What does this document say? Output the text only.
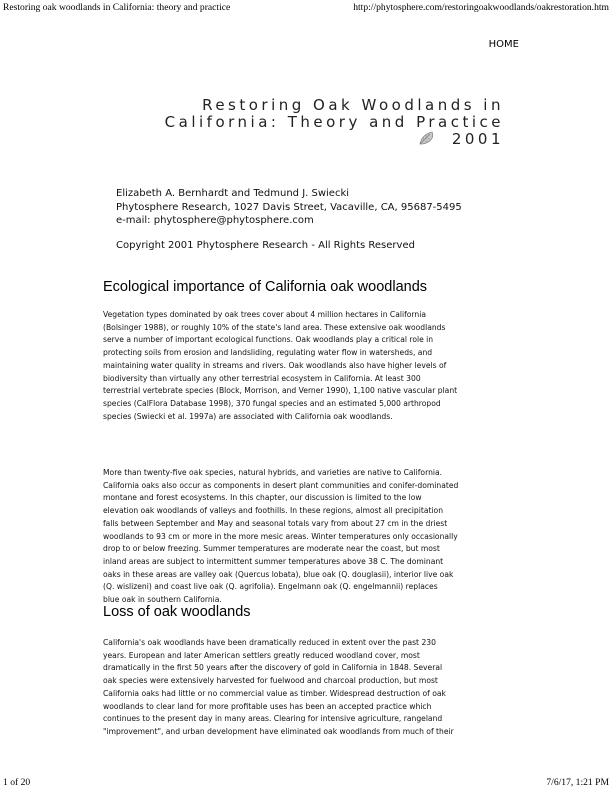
Restoring oak woodlands in California: theory and practice	http://phytosphere.com/restoringoakwoodlands/oakrestoration.htm
HOME
Restoring Oak Woodlands in
California: Theory and Practice
2001
Elizabeth A. Bernhardt and Tedmund J. Swiecki
Phytosphere Research, 1027 Davis Street, Vacaville, CA, 95687-5495
e-mail: phytosphere@phytosphere.com
Copyright 2001 Phytosphere Research - All Rights Reserved
Ecological importance of California oak woodlands

Vegetation types dominated by oak trees cover about 4 million hectares in California
(Bolsinger 1988), or roughly 10% of the state's land area. These extensive oak woodlands
serve a number of important ecological functions. Oak woodlands play a critical role in
protecting soils from erosion and landsliding, regulating water flow in watersheds, and
maintaining water quality in streams and rivers. Oak woodlands also have higher levels of
biodiversity than virtually any other terrestrial ecosystem in California. At least 300
terrestrial vertebrate species (Block, Morrison, and Verner 1990), 1,100 native vascular plant
species (CalFlora Database 1998), 370 fungal species and an estimated 5,000 arthropod
species (Swiecki et al. 1997a) are associated with California oak woodlands.

More than twenty-five oak species, natural hybrids, and varieties are native to California.
California oaks also occur as components in desert plant communities and conifer-dominated
montane and forest ecosystems. In this chapter, our discussion is limited to the low
elevation oak woodlands of valleys and foothills. In these regions, almost all precipitation
falls between September and May and seasonal totals vary from about 27 cm in the driest
woodlands to 93 cm or more in the more mesic areas. Winter temperatures only occasionally
drop to or below freezing. Summer temperatures are moderate near the coast, but most
inland areas are subject to intermittent summer temperatures above 38 C. The dominant
oaks in these areas are valley oak (Quercus lobata), blue oak (Q. douglasii), interior live oak
(Q. wislizeni) and coast live oak (Q. agrifolia). Engelmann oak (Q. engelmannii) replaces
blue oak in southern California.

Loss of oak woodlands

California's oak woodlands have been dramatically reduced in extent over the past 230
years. European and later American settlers greatly reduced woodland cover, most
dramatically in the first 50 years after the discovery of gold in California in 1848. Several
oak species were extensively harvested for fuelwood and charcoal production, but most
California oaks had little or no commercial value as timber. Widespread destruction of oak
woodlands to clear land for more profitable uses has been an accepted practice which
continues to the present day in many areas. Clearing for intensive agriculture, rangeland
"improvement", and urban development have eliminated oak woodlands from much of their

1 of 20	7/6/17, 1:21 PM
